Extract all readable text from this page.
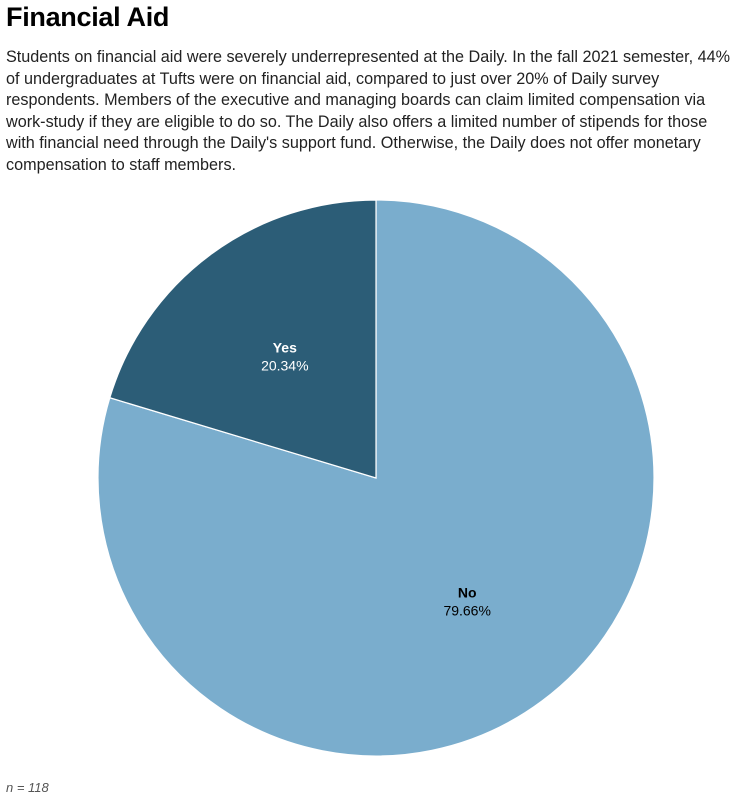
Financial Aid

Students on financial aid were severely underrepresented at the Daily. In the fall 2021 semester, 44% of undergraduates at Tufts were on financial aid, compared to just over 20% of Daily survey respondents. Members of the executive and managing boards can claim limited compensation via work-study if they are eligible to do so. The Daily also offers a limited number of stipends for those with financial need through the Daily's support fund. Otherwise, the Daily does not offer monetary compensation to staff members.

No
79.66%
Yes
20.34%

n = 118
